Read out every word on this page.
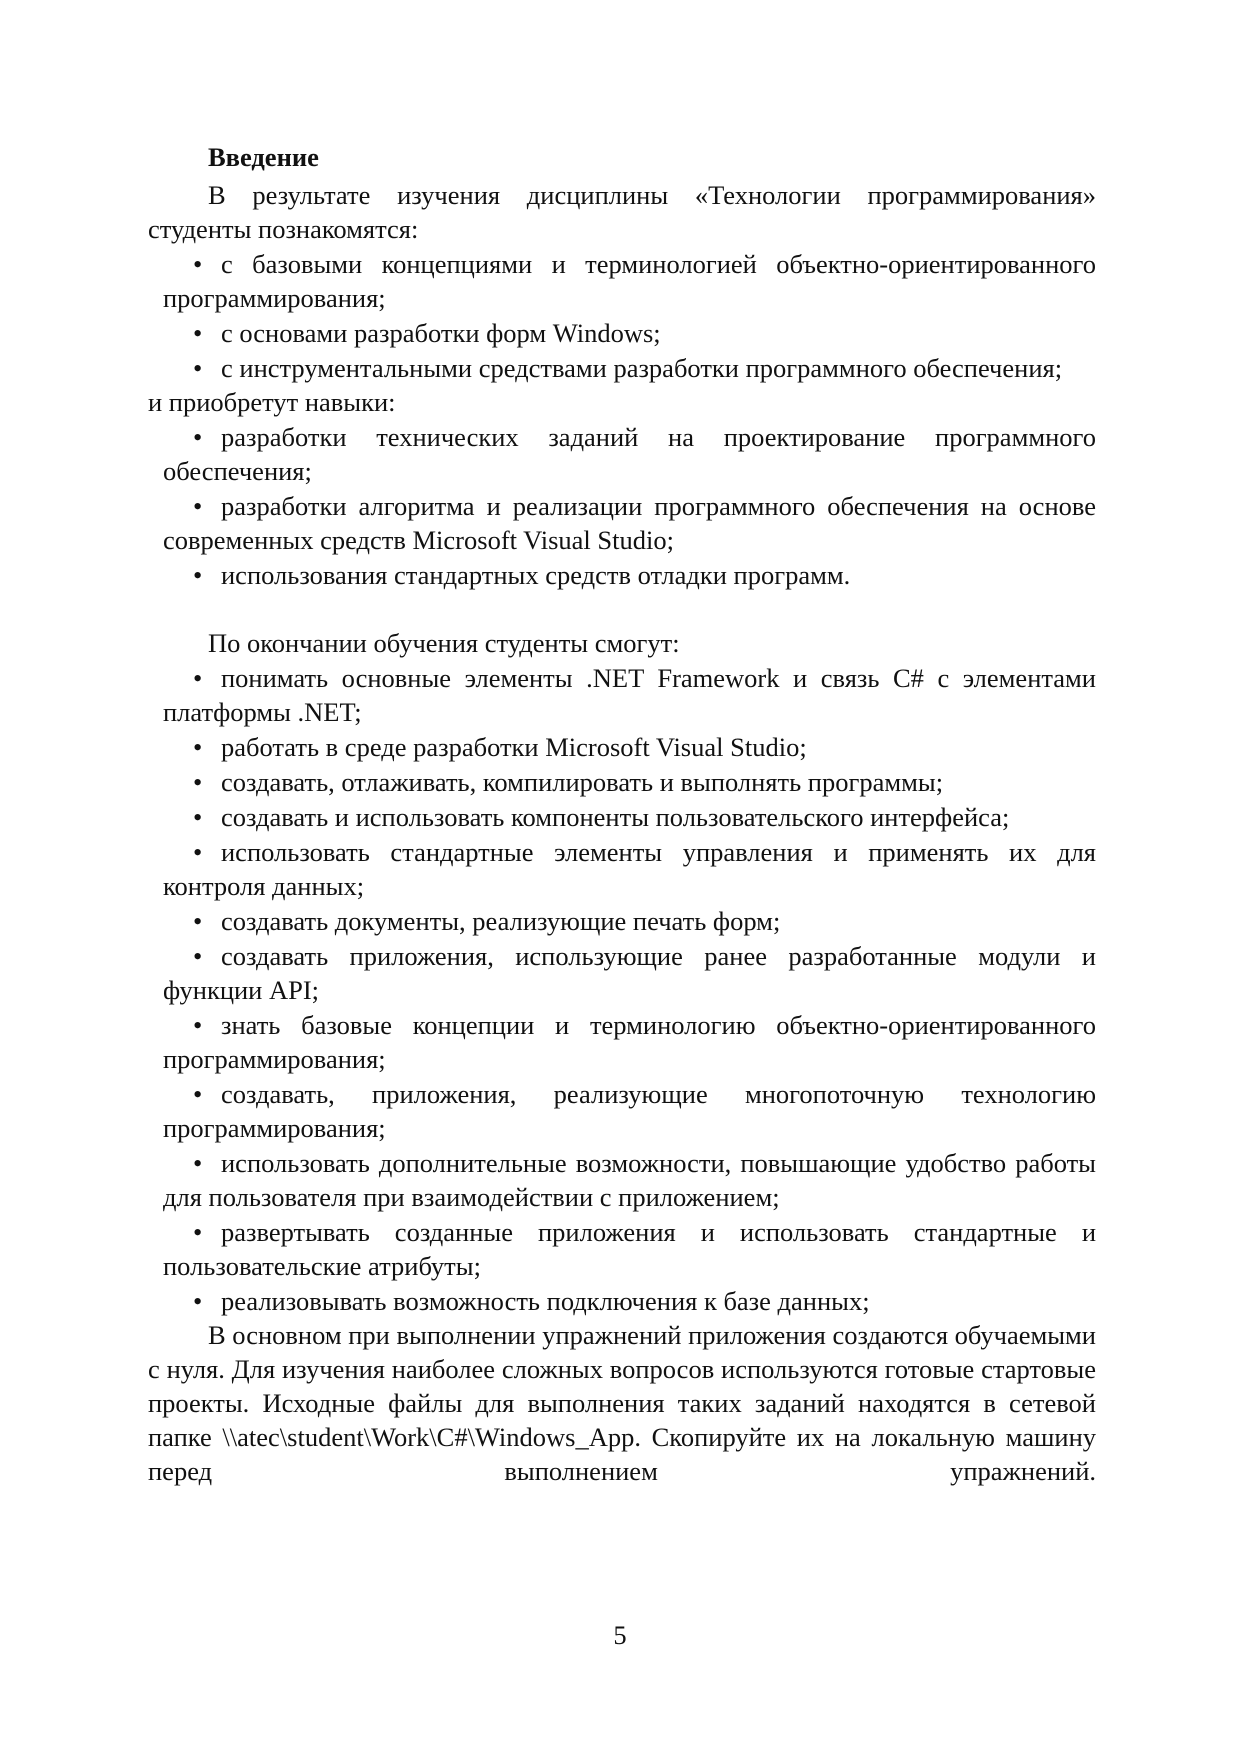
Введение

В результате изучения дисциплины «Технологии программирования» студенты познакомятся:

• с базовыми концепциями и терминологией объектно-ориентированного программирования;
• с основами разработки форм Windows;
• с инструментальными средствами разработки программного обеспечения;

и приобретут навыки:

• разработки технических заданий на проектирование программного обеспечения;
• разработки алгоритма и реализации программного обеспечения на основе современных средств Microsoft Visual Studio;
• использования стандартных средств отладки программ.

По окончании обучения студенты смогут:

• понимать основные элементы .NET Framework и связь C# с элементами платформы .NET;
• работать в среде разработки Microsoft Visual Studio;
• создавать, отлаживать, компилировать и выполнять программы;
• создавать и использовать компоненты пользовательского интерфейса;
• использовать стандартные элементы управления и применять их для контроля данных;
• создавать документы, реализующие печать форм;
• создавать приложения, использующие ранее разработанные модули и функции API;
• знать базовые концепции и терминологию объектно-ориентированного программирования;
• создавать, приложения, реализующие многопоточную технологию программирования;
• использовать дополнительные возможности, повышающие удобство работы для пользователя при взаимодействии с приложением;
• развертывать созданные приложения и использовать стандартные и пользовательские атрибуты;
• реализовывать возможность подключения к базе данных;

В основном при выполнении упражнений приложения создаются обучаемыми с нуля. Для изучения наиболее сложных вопросов используются готовые стартовые проекты. Исходные файлы для выполнения таких заданий находятся в сетевой папке \\atec\student\Work\C#\Windows_App. Скопируйте их на локальную машину перед выполнением упражнений.

5
